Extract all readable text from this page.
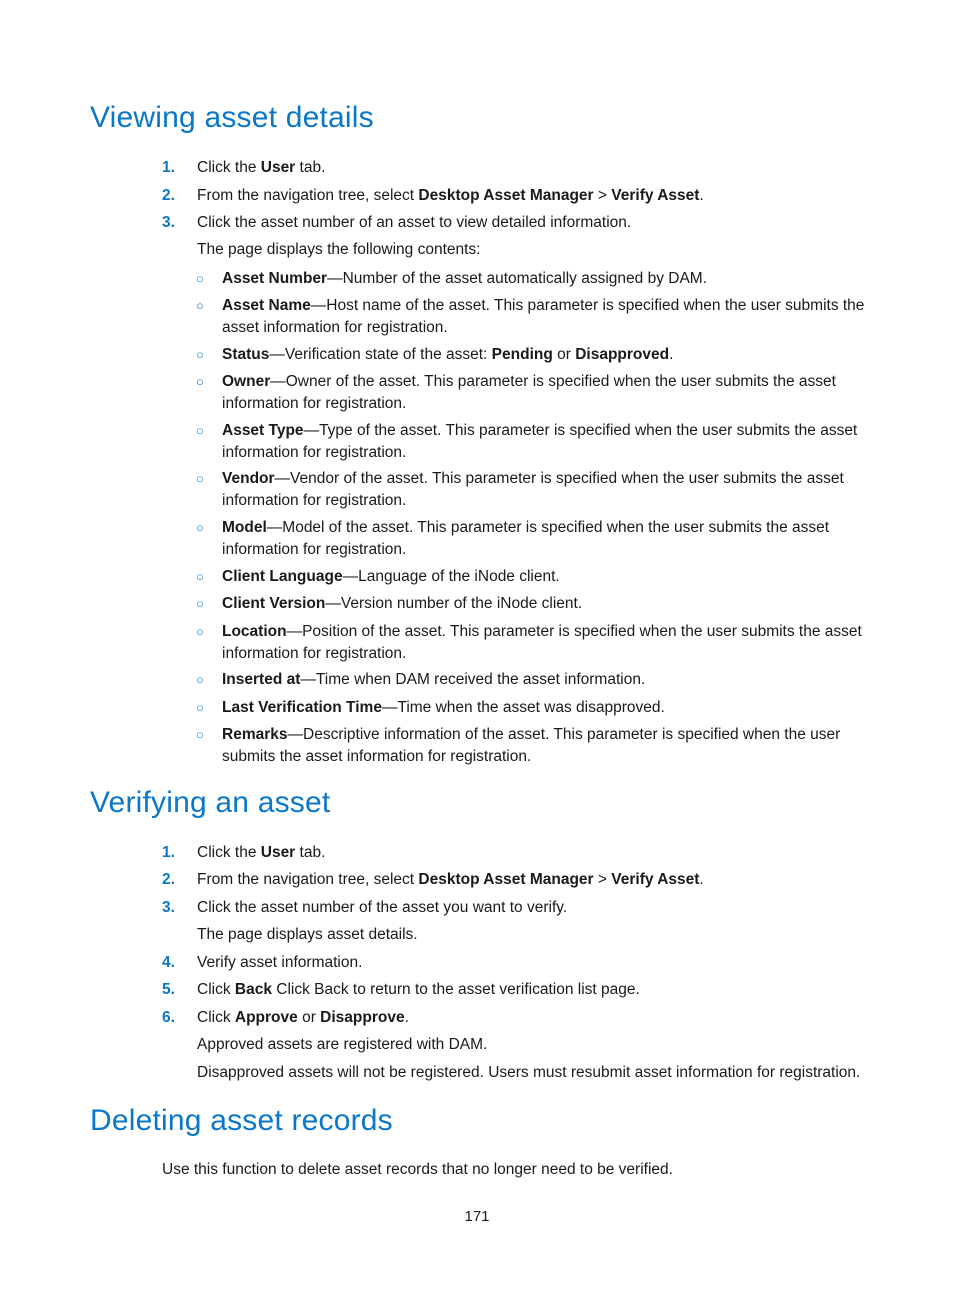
Viewing asset details
1. Click the User tab.
2. From the navigation tree, select Desktop Asset Manager > Verify Asset.
3. Click the asset number of an asset to view detailed information.
The page displays the following contents:
○ Asset Number—Number of the asset automatically assigned by DAM.
○ Asset Name—Host name of the asset. This parameter is specified when the user submits the asset information for registration.
○ Status—Verification state of the asset: Pending or Disapproved.
○ Owner—Owner of the asset. This parameter is specified when the user submits the asset information for registration.
○ Asset Type—Type of the asset. This parameter is specified when the user submits the asset information for registration.
○ Vendor—Vendor of the asset. This parameter is specified when the user submits the asset information for registration.
○ Model—Model of the asset. This parameter is specified when the user submits the asset information for registration.
○ Client Language—Language of the iNode client.
○ Client Version—Version number of the iNode client.
○ Location—Position of the asset. This parameter is specified when the user submits the asset information for registration.
○ Inserted at—Time when DAM received the asset information.
○ Last Verification Time—Time when the asset was disapproved.
○ Remarks—Descriptive information of the asset. This parameter is specified when the user submits the asset information for registration.
Verifying an asset
1. Click the User tab.
2. From the navigation tree, select Desktop Asset Manager > Verify Asset.
3. Click the asset number of the asset you want to verify.
The page displays asset details.
4. Verify asset information.
5. Click Back Click Back to return to the asset verification list page.
6. Click Approve or Disapprove.
Approved assets are registered with DAM.
Disapproved assets will not be registered. Users must resubmit asset information for registration.
Deleting asset records
Use this function to delete asset records that no longer need to be verified.
171
